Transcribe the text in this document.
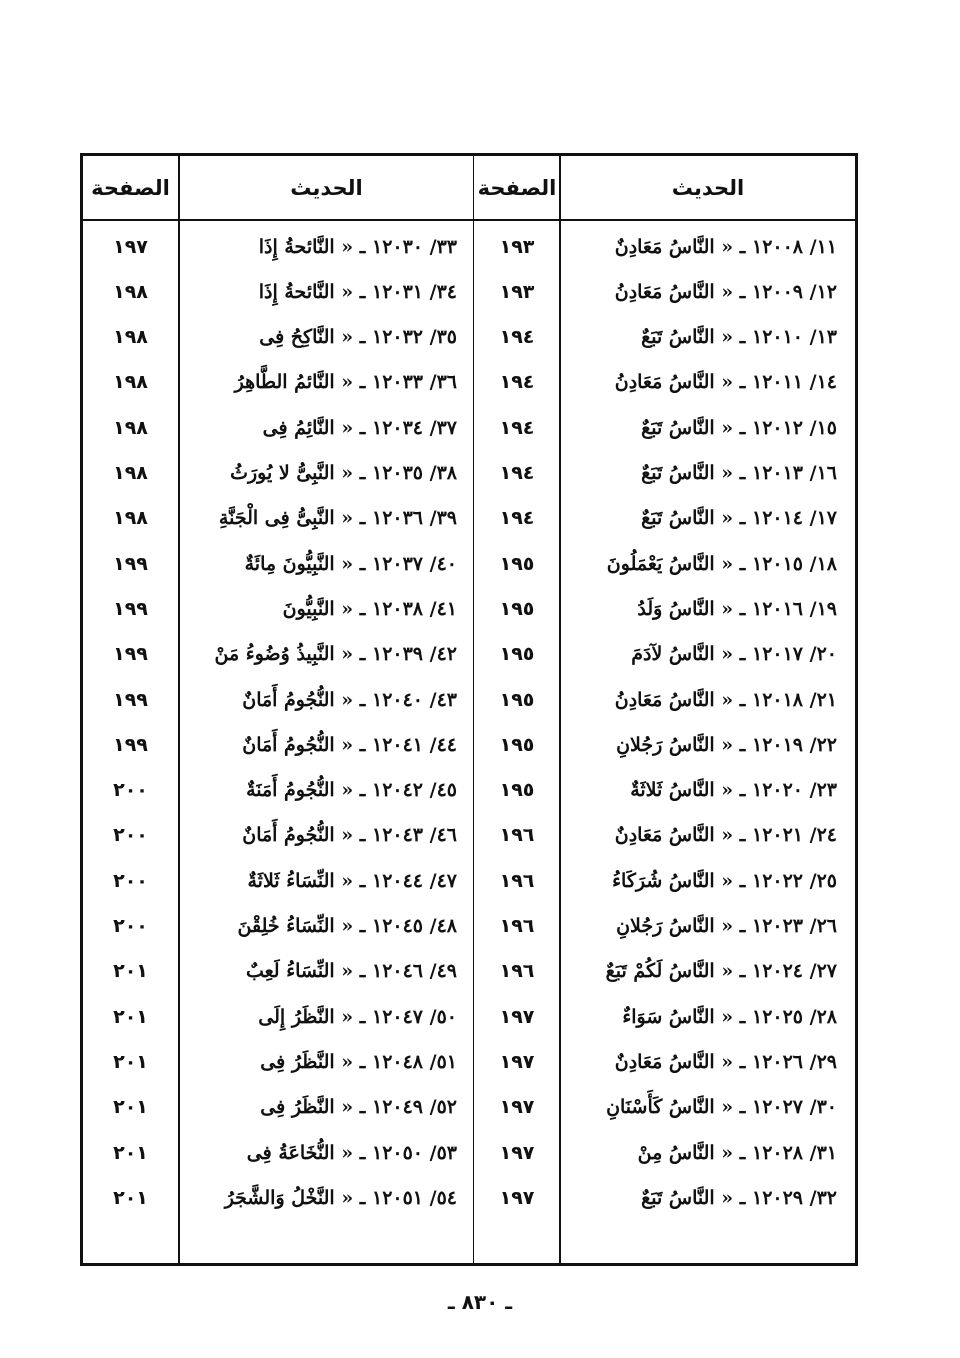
الحديث
الصفحة
الحديث
الصفحة
١١/ ١٢٠٠٨ ـ « النَّاسُ مَعَادِنٌ
١٩٣
١٢/ ١٢٠٠٩ ـ « النَّاسُ مَعَادِنُ
١٩٣
١٣/ ١٢٠١٠ ـ « النَّاسُ تَبَعٌ
١٩٤
١٤/ ١٢٠١١ ـ « النَّاسُ مَعَادِنُ
١٩٤
١٥/ ١٢٠١٢ ـ « النَّاسُ تَبَعٌ
١٩٤
١٦/ ١٢٠١٣ ـ « النَّاسُ تَبَعٌ
١٩٤
١٧/ ١٢٠١٤ ـ « النَّاسُ تَبَعٌ
١٩٤
١٨/ ١٢٠١٥ ـ « النَّاسُ يَعْمَلُونَ
١٩٥
١٩/ ١٢٠١٦ ـ « النَّاسُ وَلَدُ
١٩٥
٢٠/ ١٢٠١٧ ـ « النَّاسُ لآدَمَ
١٩٥
٢١/ ١٢٠١٨ ـ « النَّاسُ مَعَادِنُ
١٩٥
٢٢/ ١٢٠١٩ ـ « النَّاسُ رَجُلانِ
١٩٥
٢٣/ ١٢٠٢٠ ـ « النَّاسُ ثَلاثَةٌ
١٩٥
٢٤/ ١٢٠٢١ ـ « النَّاسُ مَعَادِنٌ
١٩٦
٢٥/ ١٢٠٢٢ ـ « النَّاسُ شُرَكَاءُ
١٩٦
٢٦/ ١٢٠٢٣ ـ « النَّاسُ رَجُلانِ
١٩٦
٢٧/ ١٢٠٢٤ ـ « النَّاسُ لَكُمْ تَبَعٌ
١٩٦
٢٨/ ١٢٠٢٥ ـ « النَّاسُ سَوَاءٌ
١٩٧
٢٩/ ١٢٠٢٦ ـ « النَّاسُ مَعَادِنٌ
١٩٧
٣٠/ ١٢٠٢٧ ـ « النَّاسُ كَأَسْنَانِ
١٩٧
٣١/ ١٢٠٢٨ ـ « النَّاسُ مِنْ
١٩٧
٣٢/ ١٢٠٢٩ ـ « النَّاسُ تَبَعٌ
١٩٧
٣٣/ ١٢٠٣٠ ـ « النَّائحةُ إِذَا
١٩٧
٣٤/ ١٢٠٣١ ـ « النَّائحةُ إِذَا
١٩٨
٣٥/ ١٢٠٣٢ ـ « النَّاكِحُ فِى
١٩٨
٣٦/ ١٢٠٣٣ ـ « النَّائمُ الطَّاهِرُ
١٩٨
٣٧/ ١٢٠٣٤ ـ « النَّائِمُ فِى
١٩٨
٣٨/ ١٢٠٣٥ ـ « النَّبِىُّ لا يُورَثُ
١٩٨
٣٩/ ١٢٠٣٦ ـ « النَّبِىُّ فِى الْجَنَّةِ
١٩٨
٤٠/ ١٢٠٣٧ ـ « النَّبِيُّونَ مِائَةٌ
١٩٩
٤١/ ١٢٠٣٨ ـ « النَّبِيُّونَ
١٩٩
٤٢/ ١٢٠٣٩ ـ « النَّبِيذُ وُضُوءُ مَنْ
١٩٩
٤٣/ ١٢٠٤٠ ـ « النُّجُومُ أَمَانٌ
١٩٩
٤٤/ ١٢٠٤١ ـ « النُّجُومُ أَمَانٌ
١٩٩
٤٥/ ١٢٠٤٢ ـ « النُّجُومُ أَمَنَةٌ
٢٠٠
٤٦/ ١٢٠٤٣ ـ « النُّجُومُ أَمَانٌ
٢٠٠
٤٧/ ١٢٠٤٤ ـ « النِّسَاءُ ثَلاثَةٌ
٢٠٠
٤٨/ ١٢٠٤٥ ـ « النِّسَاءُ خُلِقْنَ
٢٠٠
٤٩/ ١٢٠٤٦ ـ « النِّسَاءُ لَعِبٌ
٢٠١
٥٠/ ١٢٠٤٧ ـ « النَّظَرُ إِلَى
٢٠١
٥١/ ١٢٠٤٨ ـ « النَّظَرُ فِى
٢٠١
٥٢/ ١٢٠٤٩ ـ « النَّظَرُ فِى
٢٠١
٥٣/ ١٢٠٥٠ ـ « النُّخَاعَةُ فِى
٢٠١
٥٤/ ١٢٠٥١ ـ « النَّخْلُ وَالشَّجَرُ
٢٠١
ـ ٨٣٠ ـ
